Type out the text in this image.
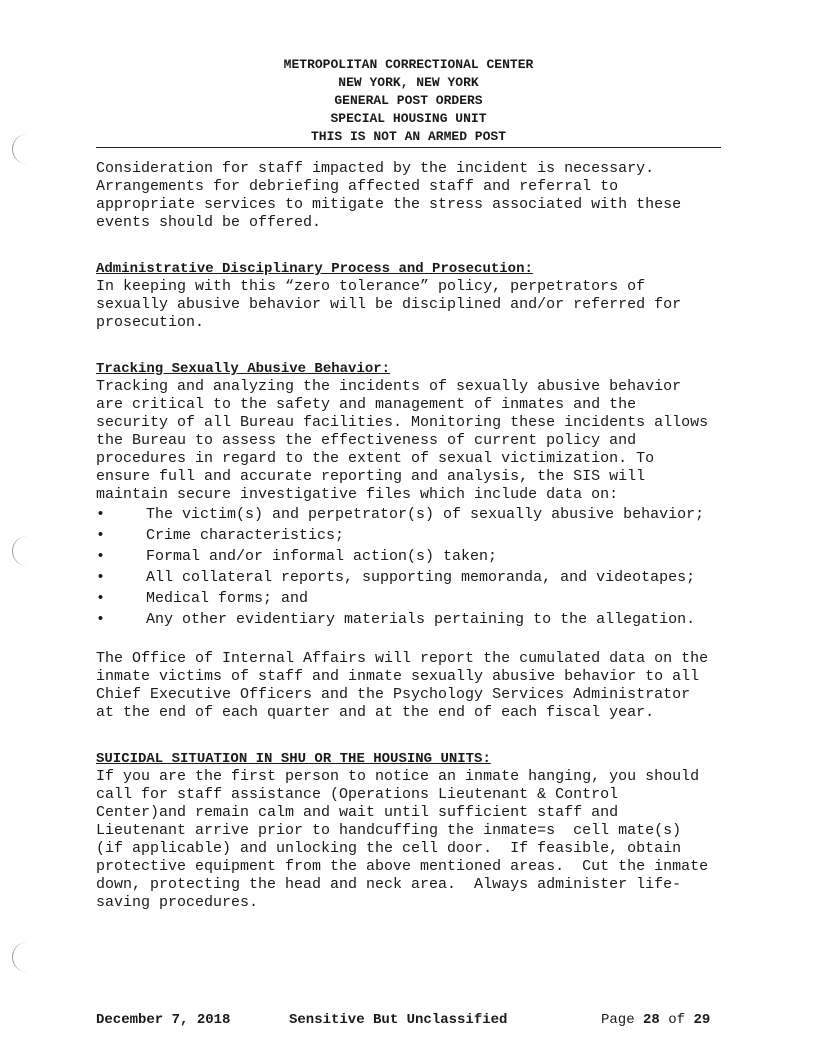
METROPOLITAN CORRECTIONAL CENTER
NEW YORK, NEW YORK
GENERAL POST ORDERS
SPECIAL HOUSING UNIT
THIS IS NOT AN ARMED POST
Consideration for staff impacted by the incident is necessary.
Arrangements for debriefing affected staff and referral to
appropriate services to mitigate the stress associated with these
events should be offered.
Administrative Disciplinary Process and Prosecution:
In keeping with this “zero tolerance” policy, perpetrators of
sexually abusive behavior will be disciplined and/or referred for
prosecution.
Tracking Sexually Abusive Behavior:
Tracking and analyzing the incidents of sexually abusive behavior
are critical to the safety and management of inmates and the
security of all Bureau facilities. Monitoring these incidents allows
the Bureau to assess the effectiveness of current policy and
procedures in regard to the extent of sexual victimization. To
ensure full and accurate reporting and analysis, the SIS will
maintain secure investigative files which include data on:

•

	The victim(s) and perpetrator(s) of sexually abusive behavior;

•

	Crime characteristics;

•

	Formal and/or informal action(s) taken;

•

	All collateral reports, supporting memoranda, and videotapes;

•

	Medical forms; and

•

	Any other evidentiary materials pertaining to the allegation.

The Office of Internal Affairs will report the cumulated data on the
inmate victims of staff and inmate sexually abusive behavior to all
Chief Executive Officers and the Psychology Services Administrator
at the end of each quarter and at the end of each fiscal year.
SUICIDAL SITUATION IN SHU OR THE HOUSING UNITS:
If you are the first person to notice an inmate hanging, you should
call for staff assistance (Operations Lieutenant & Control
Center)and remain calm and wait until sufficient staff and
Lieutenant arrive prior to handcuffing the inmate=s  cell mate(s)
(if applicable) and unlocking the cell door.  If feasible, obtain
protective equipment from the above mentioned areas.  Cut the inmate
down, protecting the head and neck area.  Always administer life-
saving procedures.
December 7, 2018	Sensitive But Unclassified	Page 28 of 29
